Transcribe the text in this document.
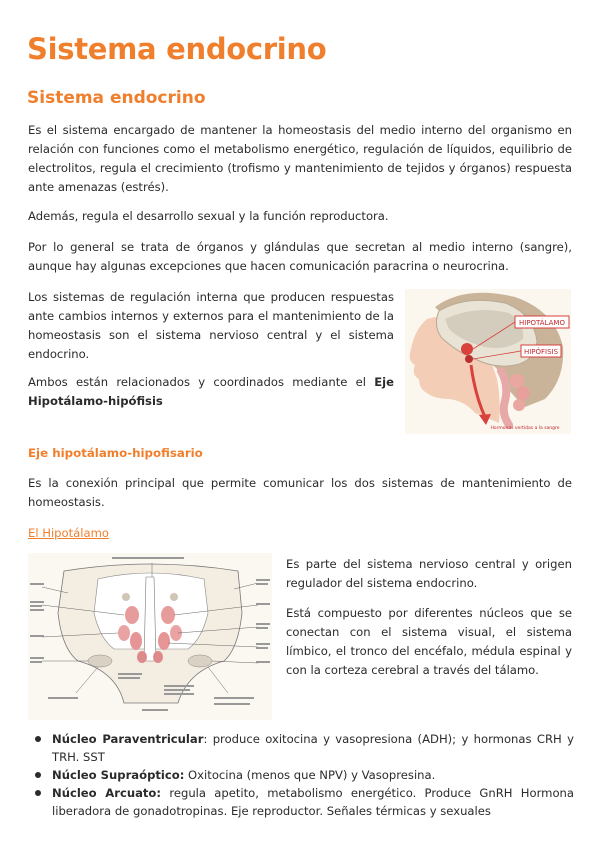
Sistema endocrino
Sistema endocrino

Es el sistema encargado de mantener la homeostasis del medio interno del organismo en relación con funciones como el metabolismo energético, regulación de líquidos, equilibrio de electrolitos, regula el crecimiento (trofismo y mantenimiento de tejidos y órganos) respuesta ante amenazas (estrés).

Además, regula el desarrollo sexual y la función reproductora.

Por lo general se trata de órganos y glándulas que secretan al medio interno (sangre), aunque hay algunas excepciones que hacen comunicación paracrina o neurocrina.

Los sistemas de regulación interna que producen respuestas ante cambios internos y externos para el mantenimiento de la homeostasis son el sistema nervioso central y el sistema endocrino.

Ambos están relacionados y coordinados mediante el Eje Hipotálamo-hipófisis

HIPOTÁLAMO
HIPÓFISIS
Hormonas vertidas a la sangre
Eje hipotálamo-hipofisario

Es la conexión principal que permite comunicar los dos sistemas de mantenimiento de homeostasis.

El Hipotálamo

Es parte del sistema nervioso central y origen regulador del sistema endocrino.

Está compuesto por diferentes núcleos que se conectan con el sistema visual, el sistema límbico, el tronco del encéfalo, médula espinal y con la corteza cerebral a través del tálamo.

Núcleo Paraventricular: produce oxitocina y vasopresiona (ADH); y hormonas CRH y TRH. SST
Núcleo Supraóptico: Oxitocina (menos que NPV) y Vasopresina.
Núcleo Arcuato: regula apetito, metabolismo energético. Produce GnRH Hormona liberadora de gonadotropinas. Eje reproductor. Señales térmicas y sexuales
